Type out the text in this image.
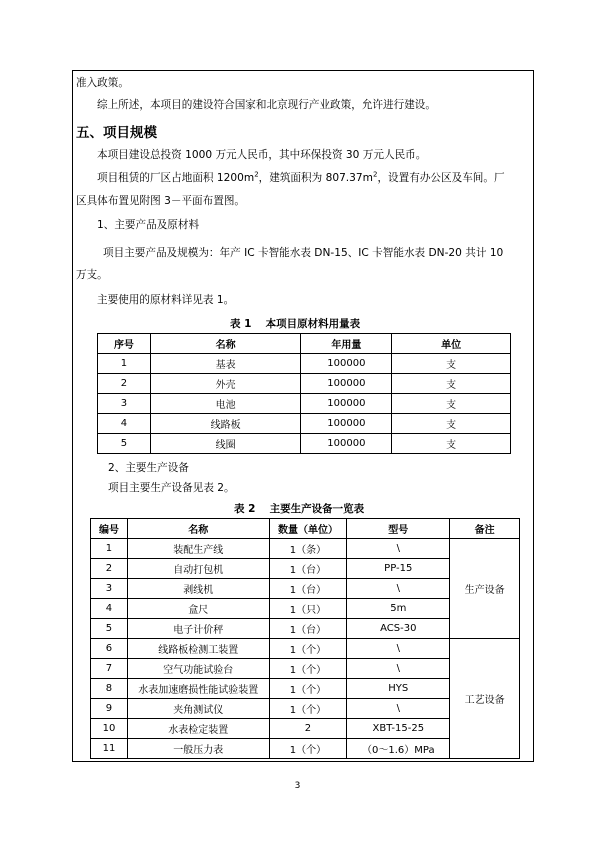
准入政策。
综上所述，本项目的建设符合国家和北京现行产业政策，允许进行建设。
五、项目规模
本项目建设总投资 1000 万元人民币，其中环保投资 30 万元人民币。
项目租赁的厂区占地面积 $1200m^2$，建筑面积为 $807.37m^2$，设置有办公区及车间。厂
区具体布置见附图 3－平面布置图。
1、主要产品及原材料
项目主要产品及规模为：年产 IC 卡智能水表 DN-15、IC 卡智能水表 DN-20 共计 10
万支。
主要使用的原材料详见表 1。
表 1　 本项目原材料用量表
序号	名称	年用量	单位
1	基表	100000	支
2	外壳	100000	支
3	电池	100000	支
4	线路板	100000	支
5	线圈	100000	支
2、主要生产设备
项目主要生产设备见表 2。
表 2　 主要生产设备一览表
编号	名称	数量（单位）	型号	备注
1	装配生产线	1（条）	\	生产设备
2	自动打包机	1（台）	PP-15	
3	剥线机	1（台）	\	
4	盒尺	1（只）	5m	
5	电子计价秤	1（台）	ACS-30	
6	线路板检测工装置	1（个）	\	工艺设备
7	空气功能试验台	1（个）	\	
8	水表加速磨损性能试验装置	1（个）	HYS	
9	夹角测试仪	1（个）	\	
10	水表检定装置	2	XBT-15-25	
11	一般压力表	1（个）	（0～1.6）MPa	
3
